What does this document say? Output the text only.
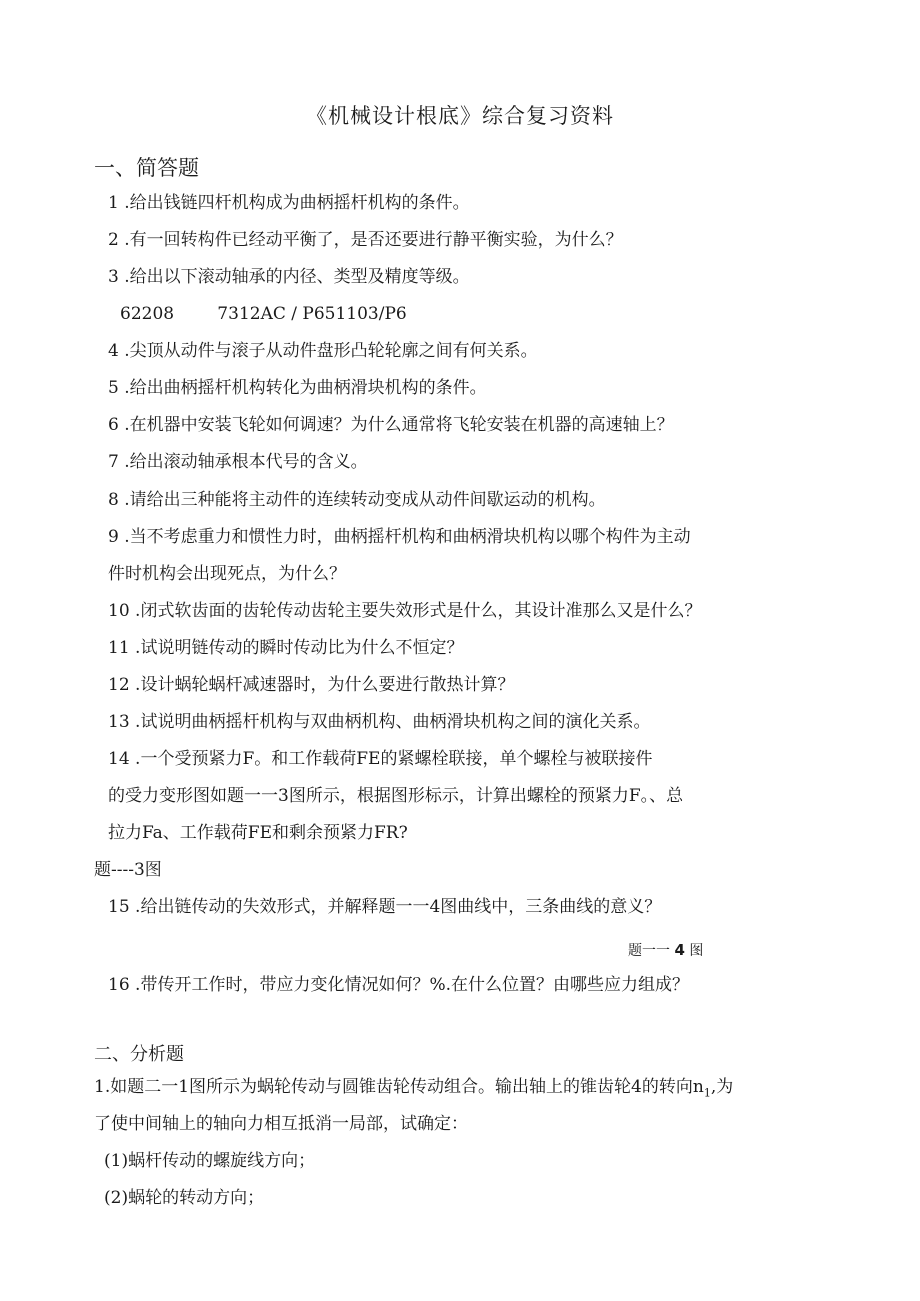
《机械设计根底》综合复习资料
一、简答题
1 .给出钱链四杆机构成为曲柄摇杆机构的条件。
2 .有一回转构件已经动平衡了，是否还要进行静平衡实验，为什么？
3 .给出以下滚动轴承的内径、类型及精度等级。
62208        7312AC / P651103/P6
4 .尖顶从动件与滚子从动件盘形凸轮轮廓之间有何关系。
5 .给出曲柄摇杆机构转化为曲柄滑块机构的条件。
6 .在机器中安装飞轮如何调速？为什么通常将飞轮安装在机器的高速轴上？
7 .给出滚动轴承根本代号的含义。
8 .请给出三种能将主动件的连续转动变成从动件间歇运动的机构。
9 .当不考虑重力和惯性力时，曲柄摇杆机构和曲柄滑块机构以哪个构件为主动
件时机构会出现死点，为什么？
10 .闭式软齿面的齿轮传动齿轮主要失效形式是什么，其设计准那么又是什么？
11 .试说明链传动的瞬时传动比为什么不恒定？
12 .设计蜗轮蜗杆减速器时，为什么要进行散热计算？
13 .试说明曲柄摇杆机构与双曲柄机构、曲柄滑块机构之间的演化关系。
14 .一个受预紧力F。和工作载荷FE的紧螺栓联接，单个螺栓与被联接件
的受力变形图如题一一3图所示，根据图形标示，计算出螺栓的预紧力F。、总
拉力Fa、工作载荷FE和剩余预紧力FR?
题----3图
15 .给出链传动的失效形式，并解释题一一4图曲线中，三条曲线的意义？
题一一 4 图
16 .带传开工作时，带应力变化情况如何？%.在什么位置？由哪些应力组成？
二、分析题
1.如题二一1图所示为蜗轮传动与圆锥齿轮传动组合。输出轴上的锥齿轮4的转向$n_1$,为
了使中间轴上的轴向力相互抵消一局部，试确定：
(1)蜗杆传动的螺旋线方向；
(2)蜗轮的转动方向；
